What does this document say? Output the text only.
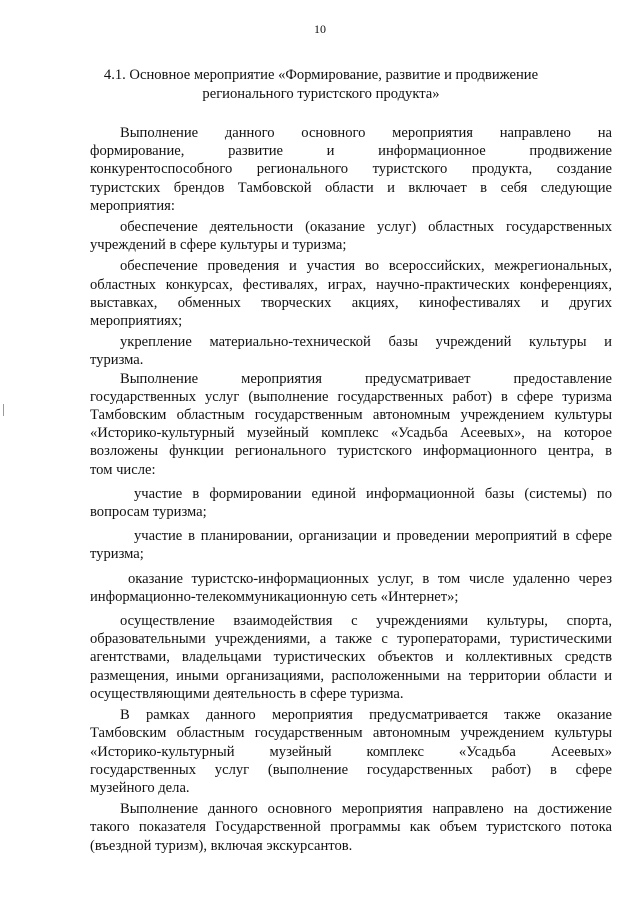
10
4.1. Основное мероприятие «Формирование, развитие и продвижение
регионального туристского продукта»
Выполнение данного основного мероприятия направлено на
формирование, развитие и информационное продвижение
конкурентоспособного регионального туристского продукта, создание
туристских брендов Тамбовской области и включает в себя следующие
мероприятия:
обеспечение деятельности (оказание услуг) областных государственных
учреждений в сфере культуры и туризма;
обеспечение проведения и участия во всероссийских, межрегиональных,
областных конкурсах, фестивалях, играх, научно-практических конференциях,
выставках, обменных творческих акциях, кинофестивалях и других
мероприятиях;
укрепление материально-технической базы учреждений культуры и
туризма.
Выполнение мероприятия предусматривает предоставление
государственных услуг (выполнение государственных работ) в сфере туризма
Тамбовским областным государственным автономным учреждением культуры
«Историко-культурный музейный комплекс «Усадьба Асеевых», на которое
возложены функции регионального туристского информационного центра, в
том числе:
участие в формировании единой информационной базы (системы) по
вопросам туризма;
участие в планировании, организации и проведении мероприятий в сфере
туризма;
оказание туристско-информационных услуг, в том числе удаленно через
информационно-телекоммуникационную сеть «Интернет»;
осуществление взаимодействия с учреждениями культуры, спорта,
образовательными учреждениями, а также с туроператорами, туристическими
агентствами, владельцами туристических объектов и коллективных средств
размещения, иными организациями, расположенными на территории области и
осуществляющими деятельность в сфере туризма.
В рамках данного мероприятия предусматривается также оказание
Тамбовским областным государственным автономным учреждением культуры
«Историко-культурный музейный комплекс «Усадьба Асеевых»
государственных услуг (выполнение государственных работ) в сфере
музейного дела.
Выполнение данного основного мероприятия направлено на достижение
такого показателя Государственной программы как объем туристского потока
(въездной туризм), включая экскурсантов.
